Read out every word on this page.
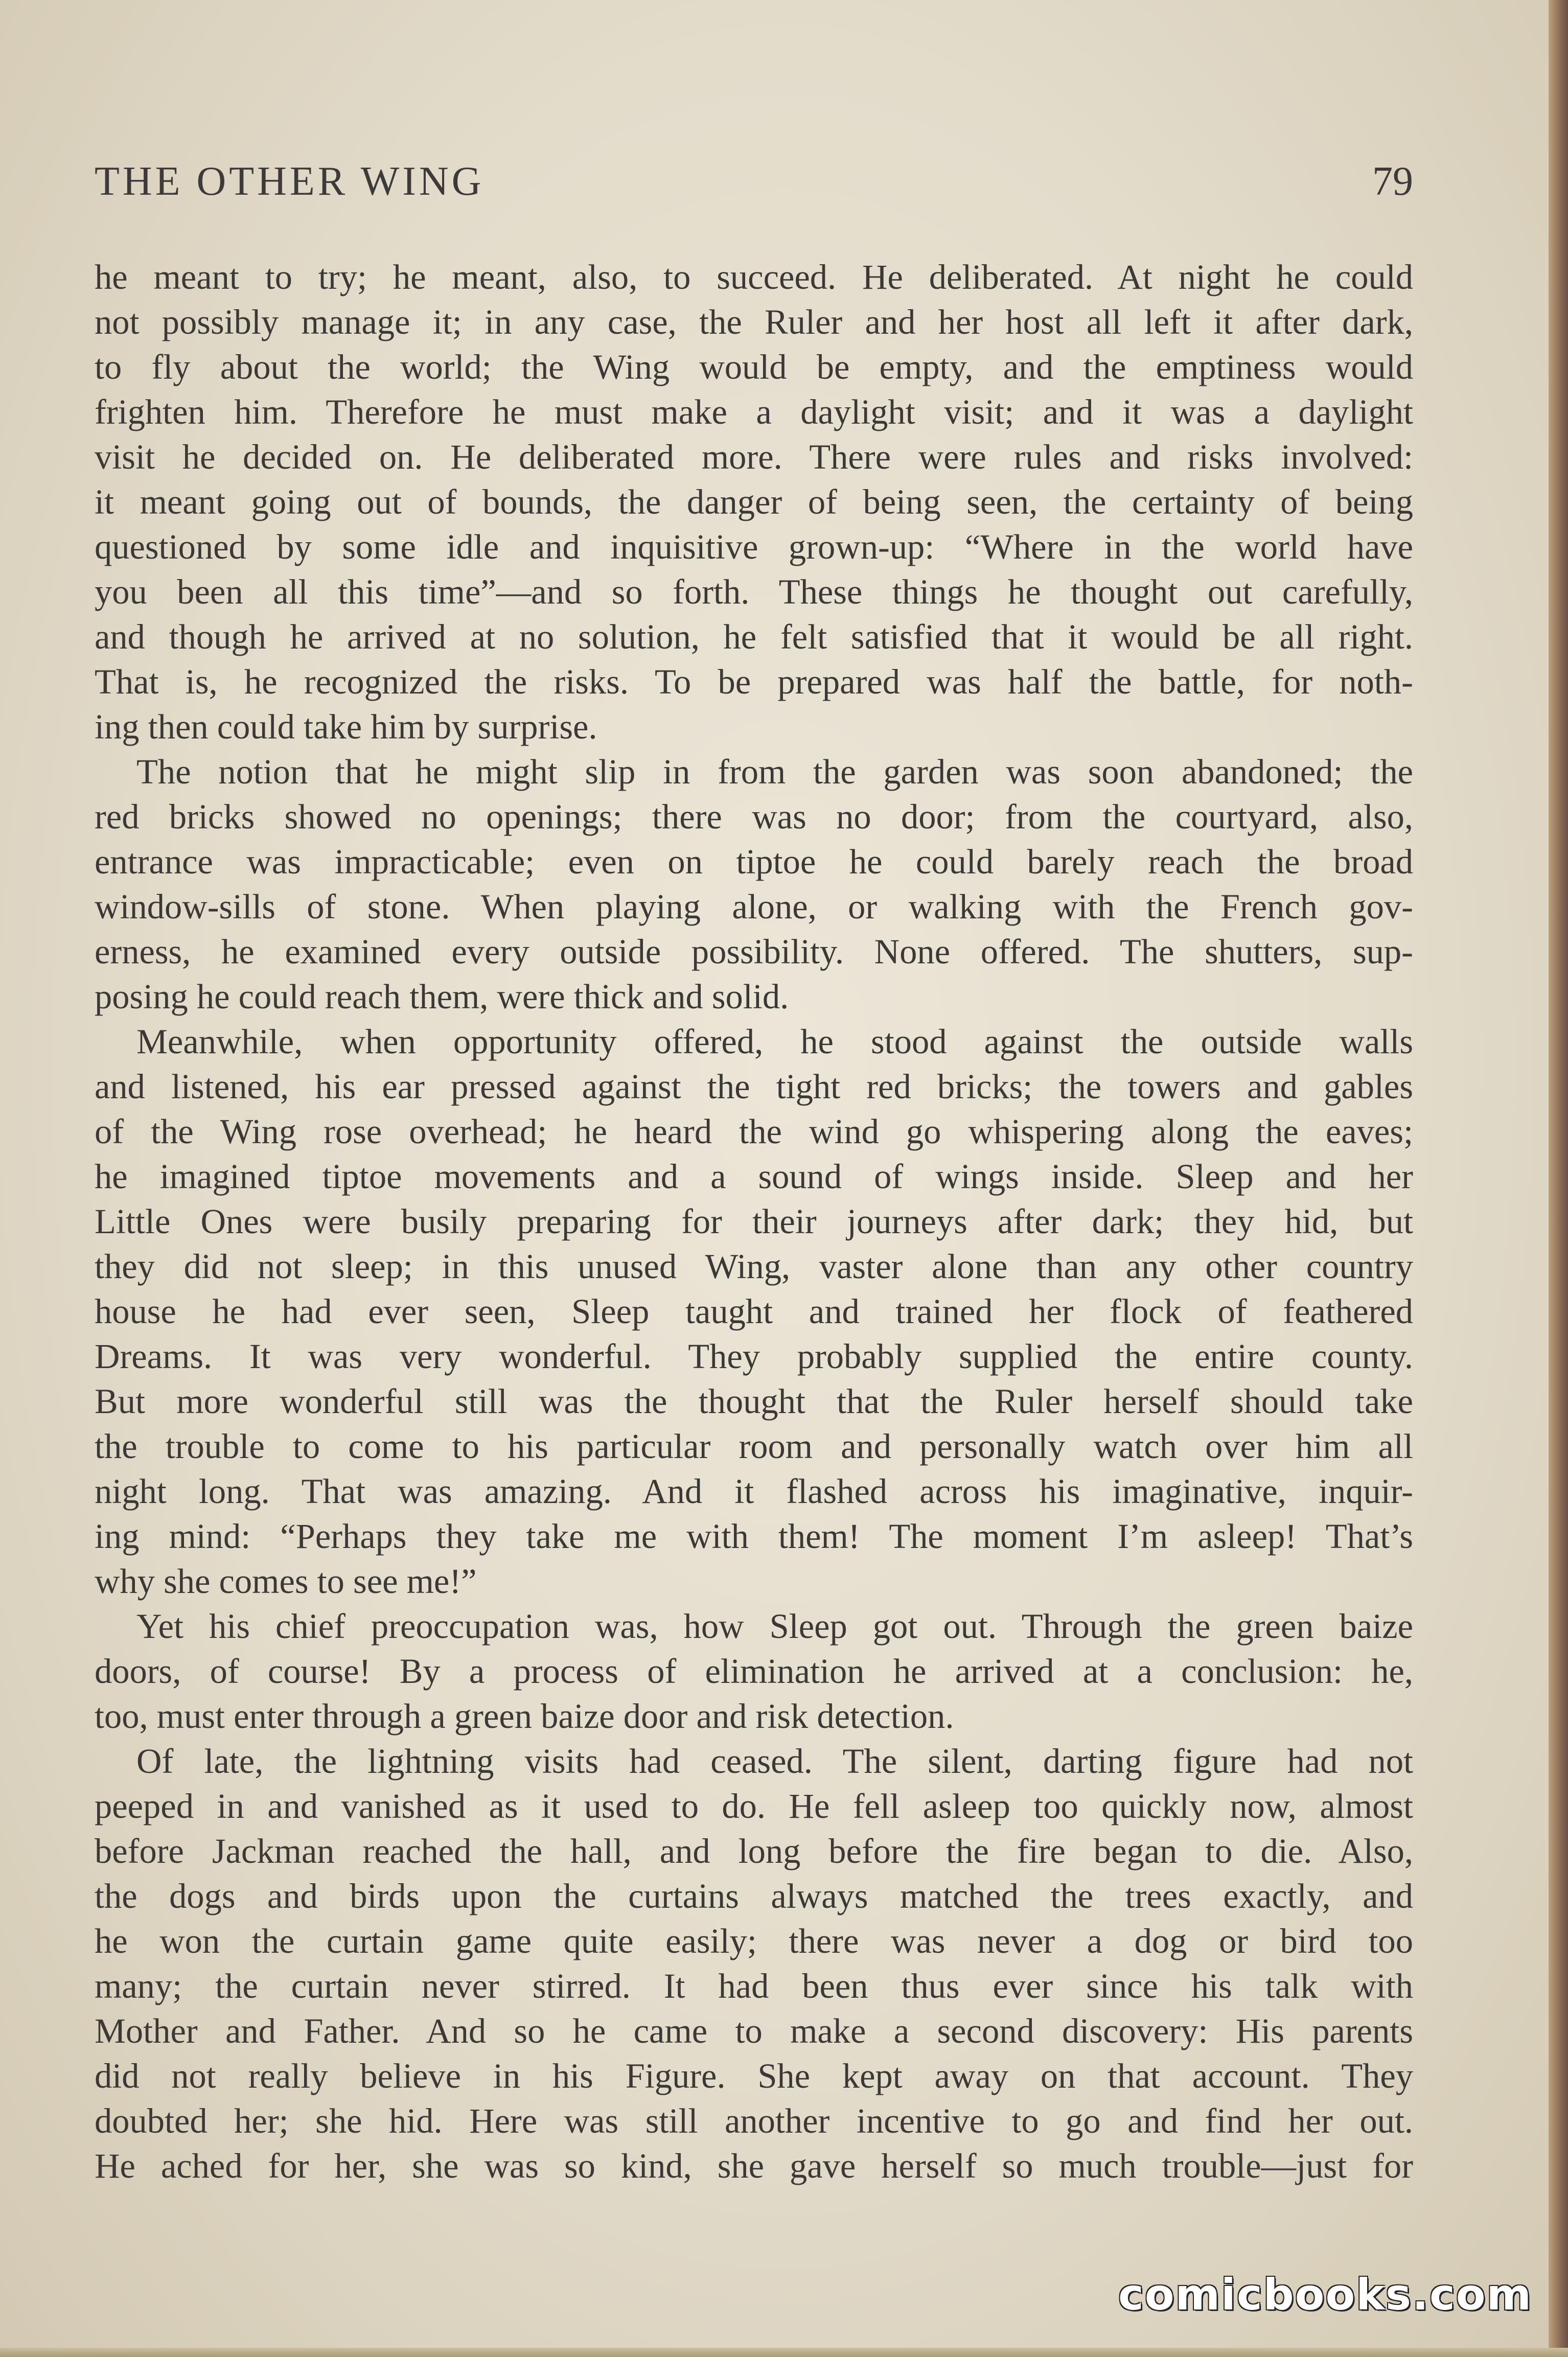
THE OTHER WING	79
he meant to try; he meant, also, to succeed. He deliberated. At night he could
not possibly manage it; in any case, the Ruler and her host all left it after dark,
to fly about the world; the Wing would be empty, and the emptiness would
frighten him. Therefore he must make a daylight visit; and it was a daylight
visit he decided on. He deliberated more. There were rules and risks involved:
it meant going out of bounds, the danger of being seen, the certainty of being
questioned by some idle and inquisitive grown-up: “Where in the world have
you been all this time”—and so forth. These things he thought out carefully,
and though he arrived at no solution, he felt satisfied that it would be all right.
That is, he recognized the risks. To be prepared was half the battle, for noth-
ing then could take him by surprise.
The notion that he might slip in from the garden was soon abandoned; the
red bricks showed no openings; there was no door; from the courtyard, also,
entrance was impracticable; even on tiptoe he could barely reach the broad
window-sills of stone. When playing alone, or walking with the French gov-
erness, he examined every outside possibility. None offered. The shutters, sup-
posing he could reach them, were thick and solid.
Meanwhile, when opportunity offered, he stood against the outside walls
and listened, his ear pressed against the tight red bricks; the towers and gables
of the Wing rose overhead; he heard the wind go whispering along the eaves;
he imagined tiptoe movements and a sound of wings inside. Sleep and her
Little Ones were busily preparing for their journeys after dark; they hid, but
they did not sleep; in this unused Wing, vaster alone than any other country
house he had ever seen, Sleep taught and trained her flock of feathered
Dreams. It was very wonderful. They probably supplied the entire county.
But more wonderful still was the thought that the Ruler herself should take
the trouble to come to his particular room and personally watch over him all
night long. That was amazing. And it flashed across his imaginative, inquir-
ing mind: “Perhaps they take me with them! The moment I’m asleep! That’s
why she comes to see me!”
Yet his chief preoccupation was, how Sleep got out. Through the green baize
doors, of course! By a process of elimination he arrived at a conclusion: he,
too, must enter through a green baize door and risk detection.
Of late, the lightning visits had ceased. The silent, darting figure had not
peeped in and vanished as it used to do. He fell asleep too quickly now, almost
before Jackman reached the hall, and long before the fire began to die. Also,
the dogs and birds upon the curtains always matched the trees exactly, and
he won the curtain game quite easily; there was never a dog or bird too
many; the curtain never stirred. It had been thus ever since his talk with
Mother and Father. And so he came to make a second discovery: His parents
did not really believe in his Figure. She kept away on that account. They
doubted her; she hid. Here was still another incentive to go and find her out.
He ached for her, she was so kind, she gave herself so much trouble—just for
comicbooks.com
